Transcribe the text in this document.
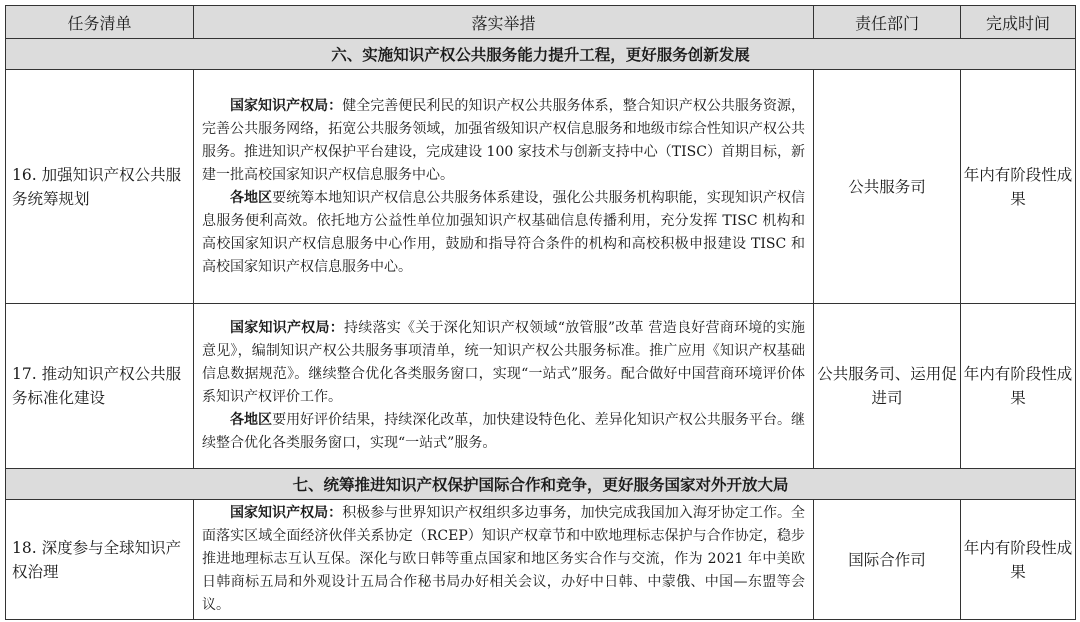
任务清单	落实举措	责任部门	完成时间
六、实施知识产权公共服务能力提升工程，更好服务创新发展			
16. 加强知识产权公共服务统筹规划	国家知识产权局：健全完善便民利民的知识产权公共服务体系，整合知识产权公共服务资源，完善公共服务网络，拓宽公共服务领域，加强省级知识产权信息服务和地级市综合性知识产权公共服务。推进知识产权保护平台建设，完成建设 100 家技术与创新支持中心（TISC）首期目标，新建一批高校国家知识产权信息服务中心。

各地区要统筹本地知识产权信息公共服务体系建设，强化公共服务机构职能，实现知识产权信息服务便利高效。依托地方公益性单位加强知识产权基础信息传播利用，充分发挥 TISC 机构和高校国家知识产权信息服务中心作用，鼓励和指导符合条件的机构和高校积极申报建设 TISC 和高校国家知识产权信息服务中心。	公共服务司	年内有阶段性成果
17. 推动知识产权公共服务标准化建设	国家知识产权局：持续落实《关于深化知识产权领域“放管服”改革 营造良好营商环境的实施意见》，编制知识产权公共服务事项清单，统一知识产权公共服务标准。推广应用《知识产权基础信息数据规范》。继续整合优化各类服务窗口，实现“一站式”服务。配合做好中国营商环境评价体系知识产权评价工作。

各地区要用好评价结果，持续深化改革，加快建设特色化、差异化知识产权公共服务平台。继续整合优化各类服务窗口，实现“一站式”服务。	公共服务司、运用促进司	年内有阶段性成果
七、统筹推进知识产权保护国际合作和竞争，更好服务国家对外开放大局			
18. 深度参与全球知识产权治理	国家知识产权局：积极参与世界知识产权组织多边事务，加快完成我国加入海牙协定工作。全面落实区域全面经济伙伴关系协定（RCEP）知识产权章节和中欧地理标志保护与合作协定，稳步推进地理标志互认互保。深化与欧日韩等重点国家和地区务实合作与交流，作为 2021 年中美欧日韩商标五局和外观设计五局合作秘书局办好相关会议，办好中日韩、中蒙俄、中国—东盟等会议。	国际合作司	年内有阶段性成果
